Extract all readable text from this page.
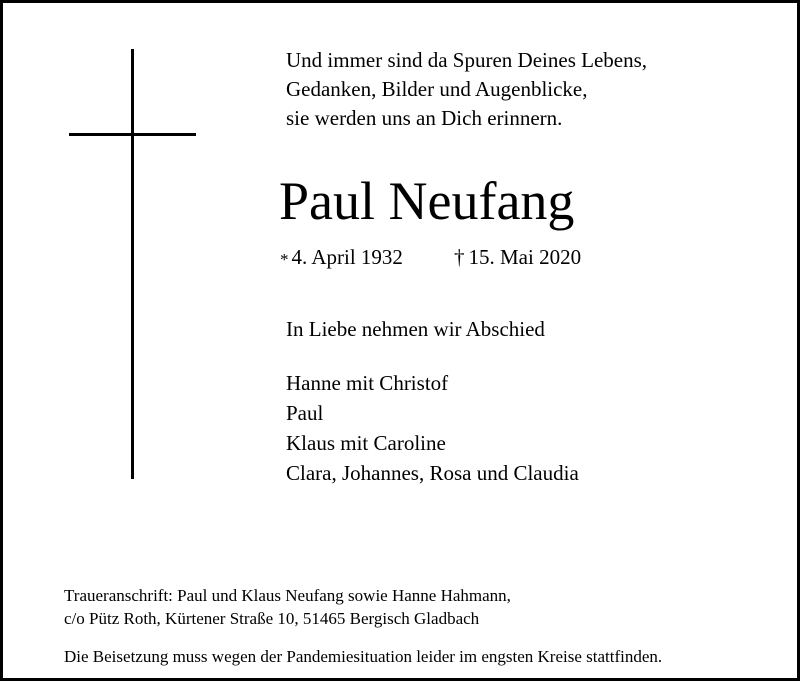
Und immer sind da Spuren Deines Lebens,
Gedanken, Bilder und Augenblicke,
sie werden uns an Dich erinnern.
Paul Neufang
* 4. April 1932 † 15. Mai 2020
In Liebe nehmen wir Abschied
Hanne mit Christof
Paul
Klaus mit Caroline
Clara, Johannes, Rosa und Claudia
Traueranschrift: Paul und Klaus Neufang sowie Hanne Hahmann,
c/o Pütz Roth, Kürtener Straße 10, 51465 Bergisch Gladbach
Die Beisetzung muss wegen der Pandemiesituation leider im engsten Kreise stattfinden.
